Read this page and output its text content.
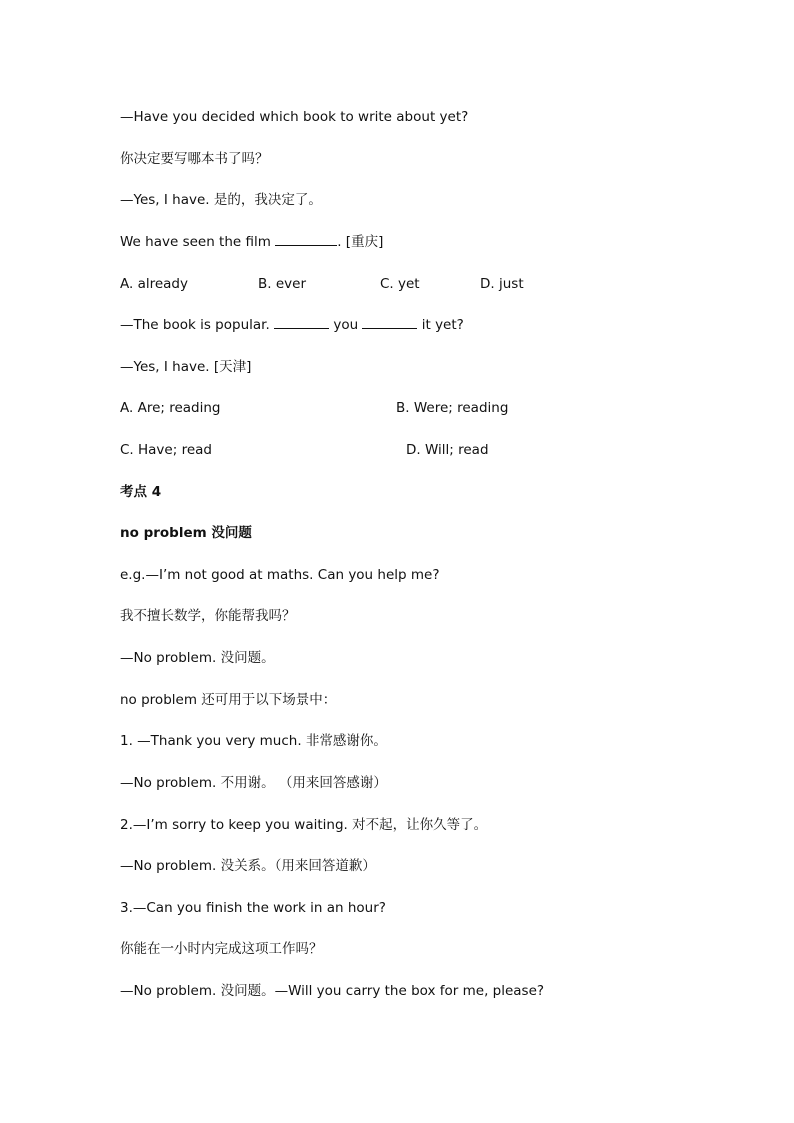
—Have you decided which book to write about yet?
你决定要写哪本书了吗？
—Yes, I have. 是的，我决定了。
We have seen the film	. [重庆]
A. already	B. ever	C. yet	D. just
—The book is popular.	you	it yet?
—Yes, I have. [天津]
A. Are; reading	B. Were; reading
C. Have; read	D. Will; read
考点 4
no problem 没问题
e.g.—I’m not good at maths. Can you help me?
我不擅长数学，你能帮我吗？
—No problem. 没问题。
no problem 还可用于以下场景中：
1. —Thank you very much. 非常感谢你。
—No problem. 不用谢。 （用来回答感谢）
2.—I’m sorry to keep you waiting. 对不起，让你久等了。
—No problem. 没关系。（用来回答道歉）
3.—Can you finish the work in an hour?
你能在一小时内完成这项工作吗？
—No problem. 没问题。—Will you carry the box for me, please?
